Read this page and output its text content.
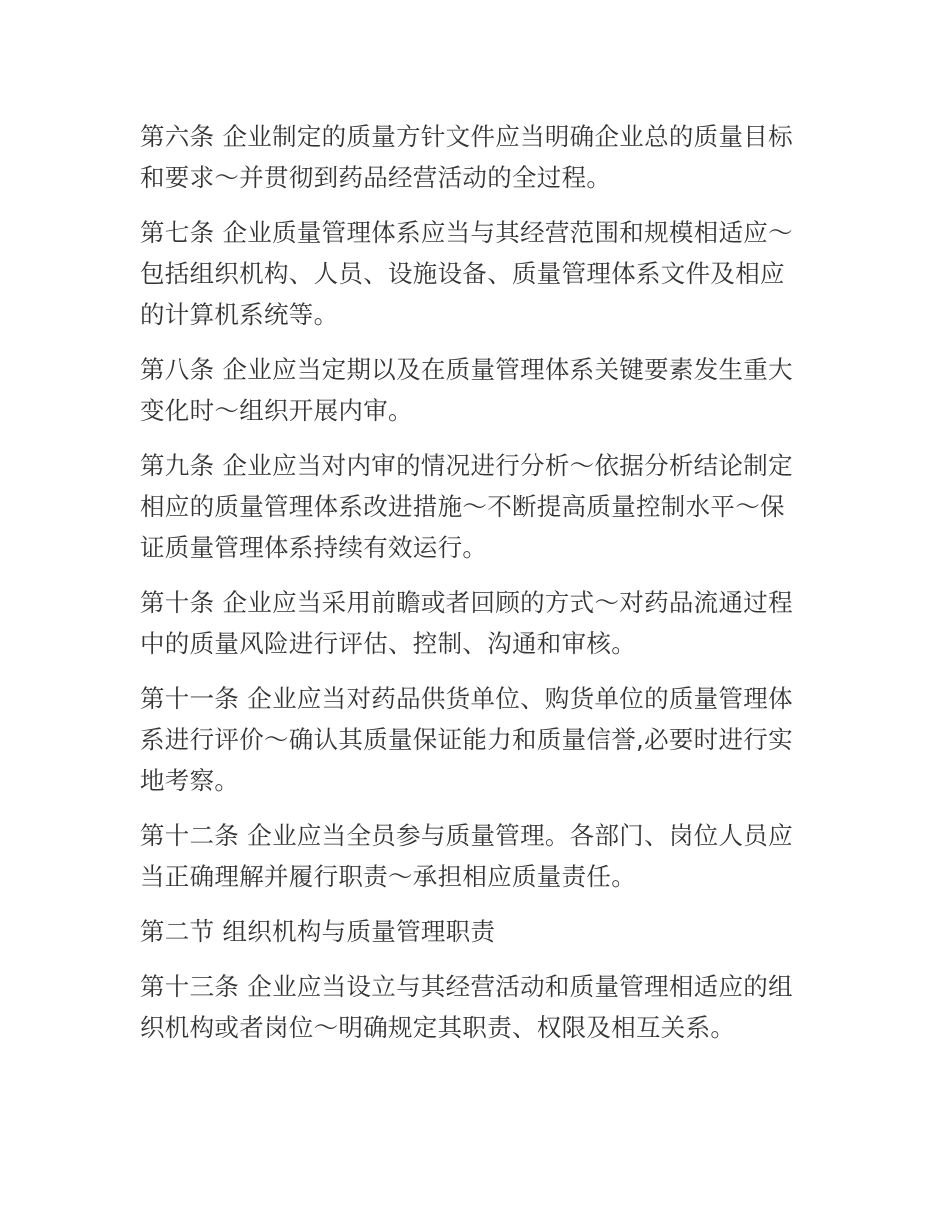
第六条 企业制定的质量方针文件应当明确企业总的质量目标和要求～并贯彻到药品经营活动的全过程。

第七条 企业质量管理体系应当与其经营范围和规模相适应～包括组织机构、人员、设施设备、质量管理体系文件及相应的计算机系统等。

第八条 企业应当定期以及在质量管理体系关键要素发生重大变化时～组织开展内审。

第九条 企业应当对内审的情况进行分析～依据分析结论制定相应的质量管理体系改进措施～不断提高质量控制水平～保证质量管理体系持续有效运行。

第十条 企业应当采用前瞻或者回顾的方式～对药品流通过程中的质量风险进行评估、控制、沟通和审核。

第十一条 企业应当对药品供货单位、购货单位的质量管理体系进行评价～确认其质量保证能力和质量信誉,必要时进行实地考察。

第十二条 企业应当全员参与质量管理。各部门、岗位人员应当正确理解并履行职责～承担相应质量责任。

第二节 组织机构与质量管理职责

第十三条 企业应当设立与其经营活动和质量管理相适应的组织机构或者岗位～明确规定其职责、权限及相互关系。
